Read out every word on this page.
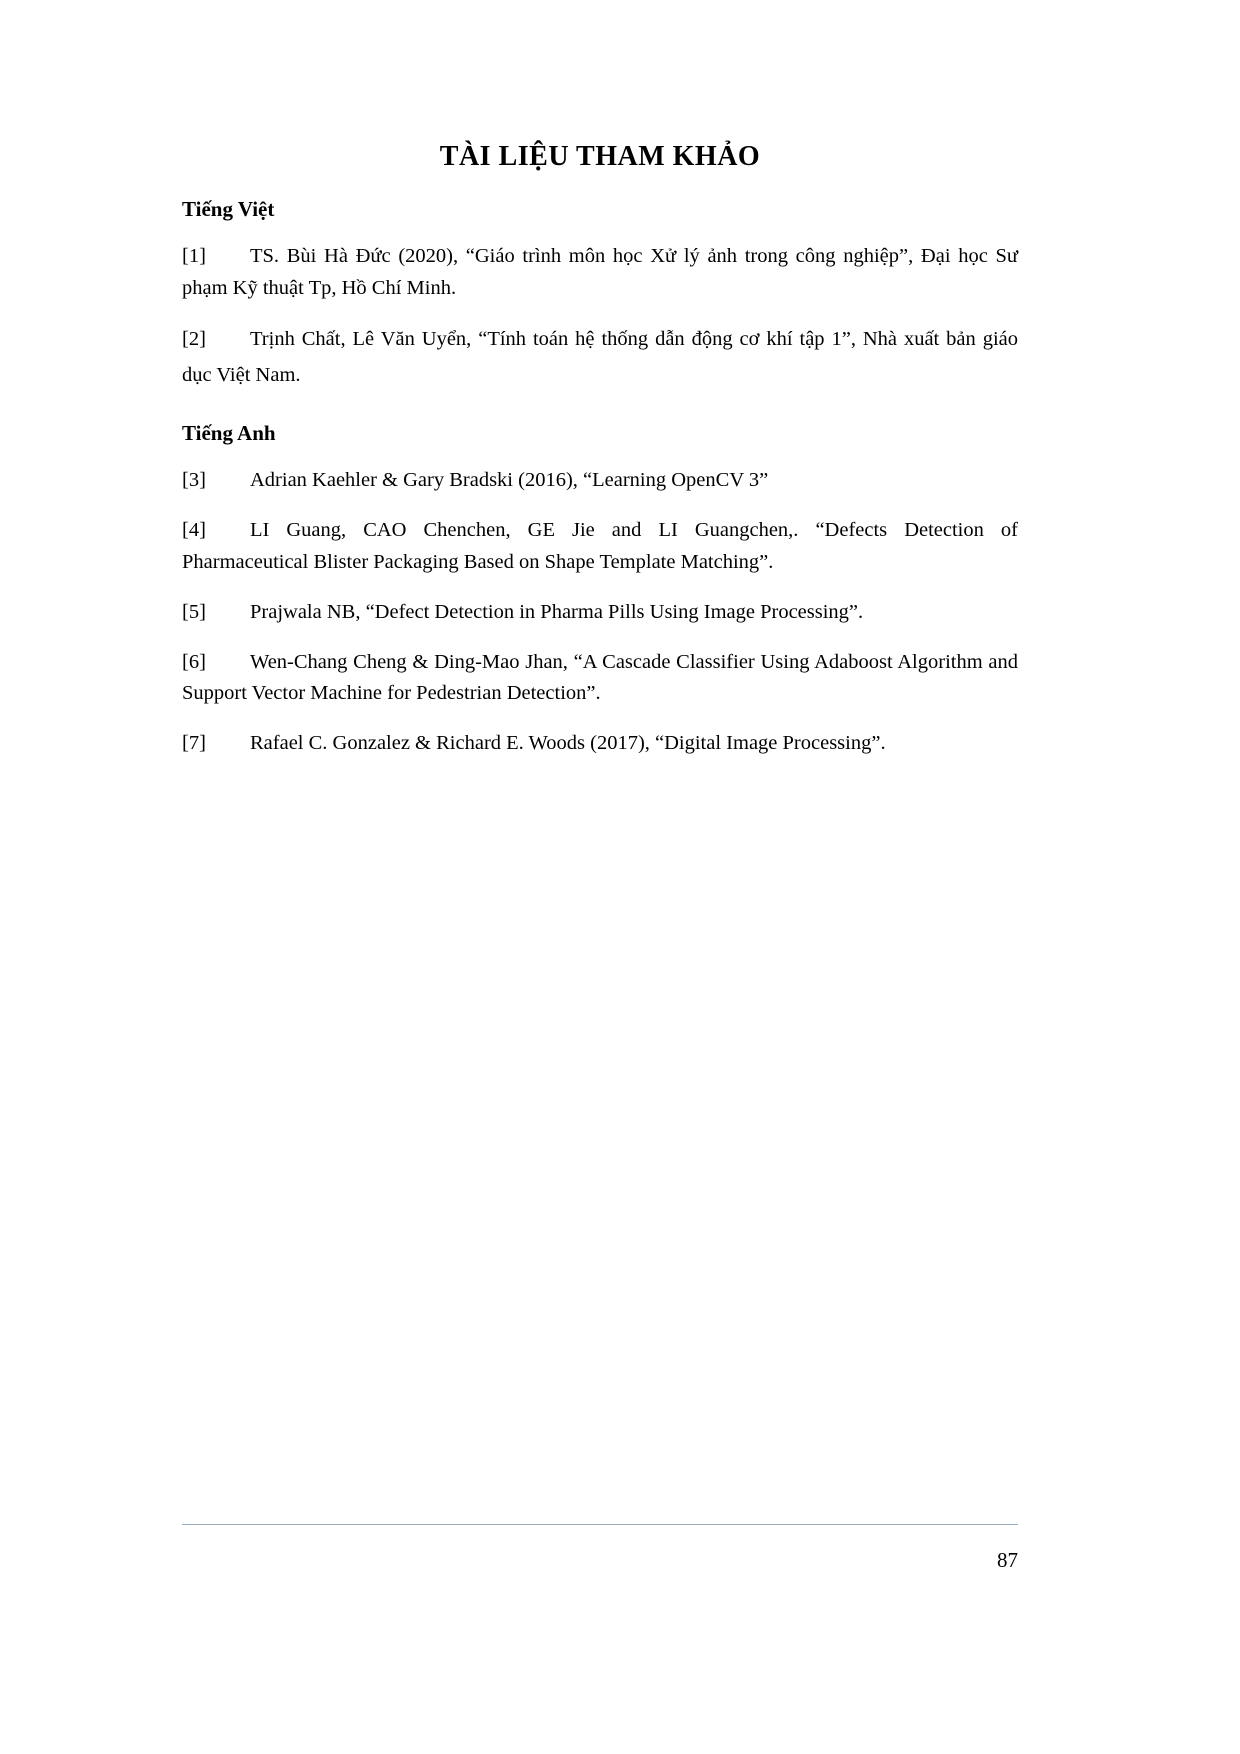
TÀI LIỆU THAM KHẢO
Tiếng Việt

[1] TS. Bùi Hà Đức (2020), “Giáo trình môn học Xử lý ảnh trong công nghiệp”, Đại học Sư phạm Kỹ thuật Tp, Hồ Chí Minh.

[2] Trịnh Chất, Lê Văn Uyển, “Tính toán hệ thống dẫn động cơ khí tập 1”, Nhà xuất bản giáo dục Việt Nam.

Tiếng Anh

[3] Adrian Kaehler & Gary Bradski (2016), “Learning OpenCV 3”

[4] LI Guang, CAO Chenchen, GE Jie and LI Guangchen,. “Defects Detection of Pharmaceutical Blister Packaging Based on Shape Template Matching”.

[5] Prajwala NB, “Defect Detection in Pharma Pills Using Image Processing”.

[6] Wen-Chang Cheng & Ding-Mao Jhan, “A Cascade Classifier Using Adaboost Algorithm and Support Vector Machine for Pedestrian Detection”.

[7] Rafael C. Gonzalez & Richard E. Woods (2017), “Digital Image Processing”.

87
